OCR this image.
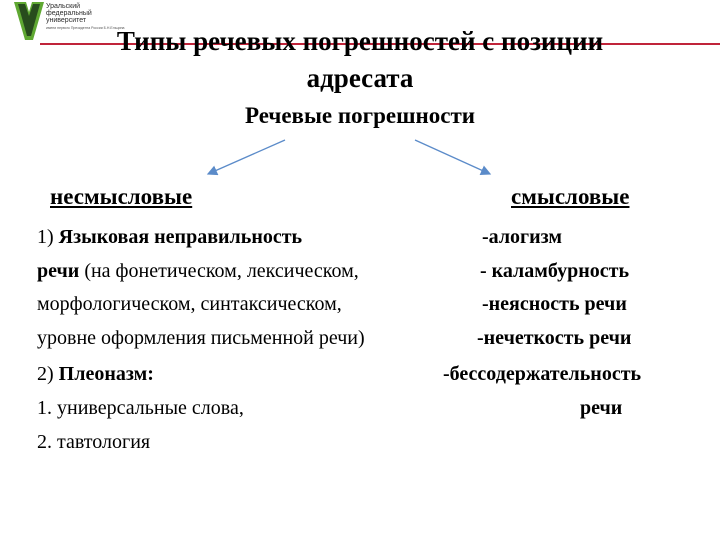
Уральский
федеральный
университет
имени первого Президента России Б.Н.Ельцина
Типы речевых погрешностей с позиции
адресата
Речевые погрешности
несмысловые	смысловые
1) Языковая неправильность
речи (на фонетическом, лексическом,
морфологическом, синтаксическом,
уровне оформления письменной речи)
2) Плеоназм:
1. универсальные слова,
2. тавтология
-алогизм
- каламбурность
-неясность речи
-нечеткость речи
-бессодержательность
речи
